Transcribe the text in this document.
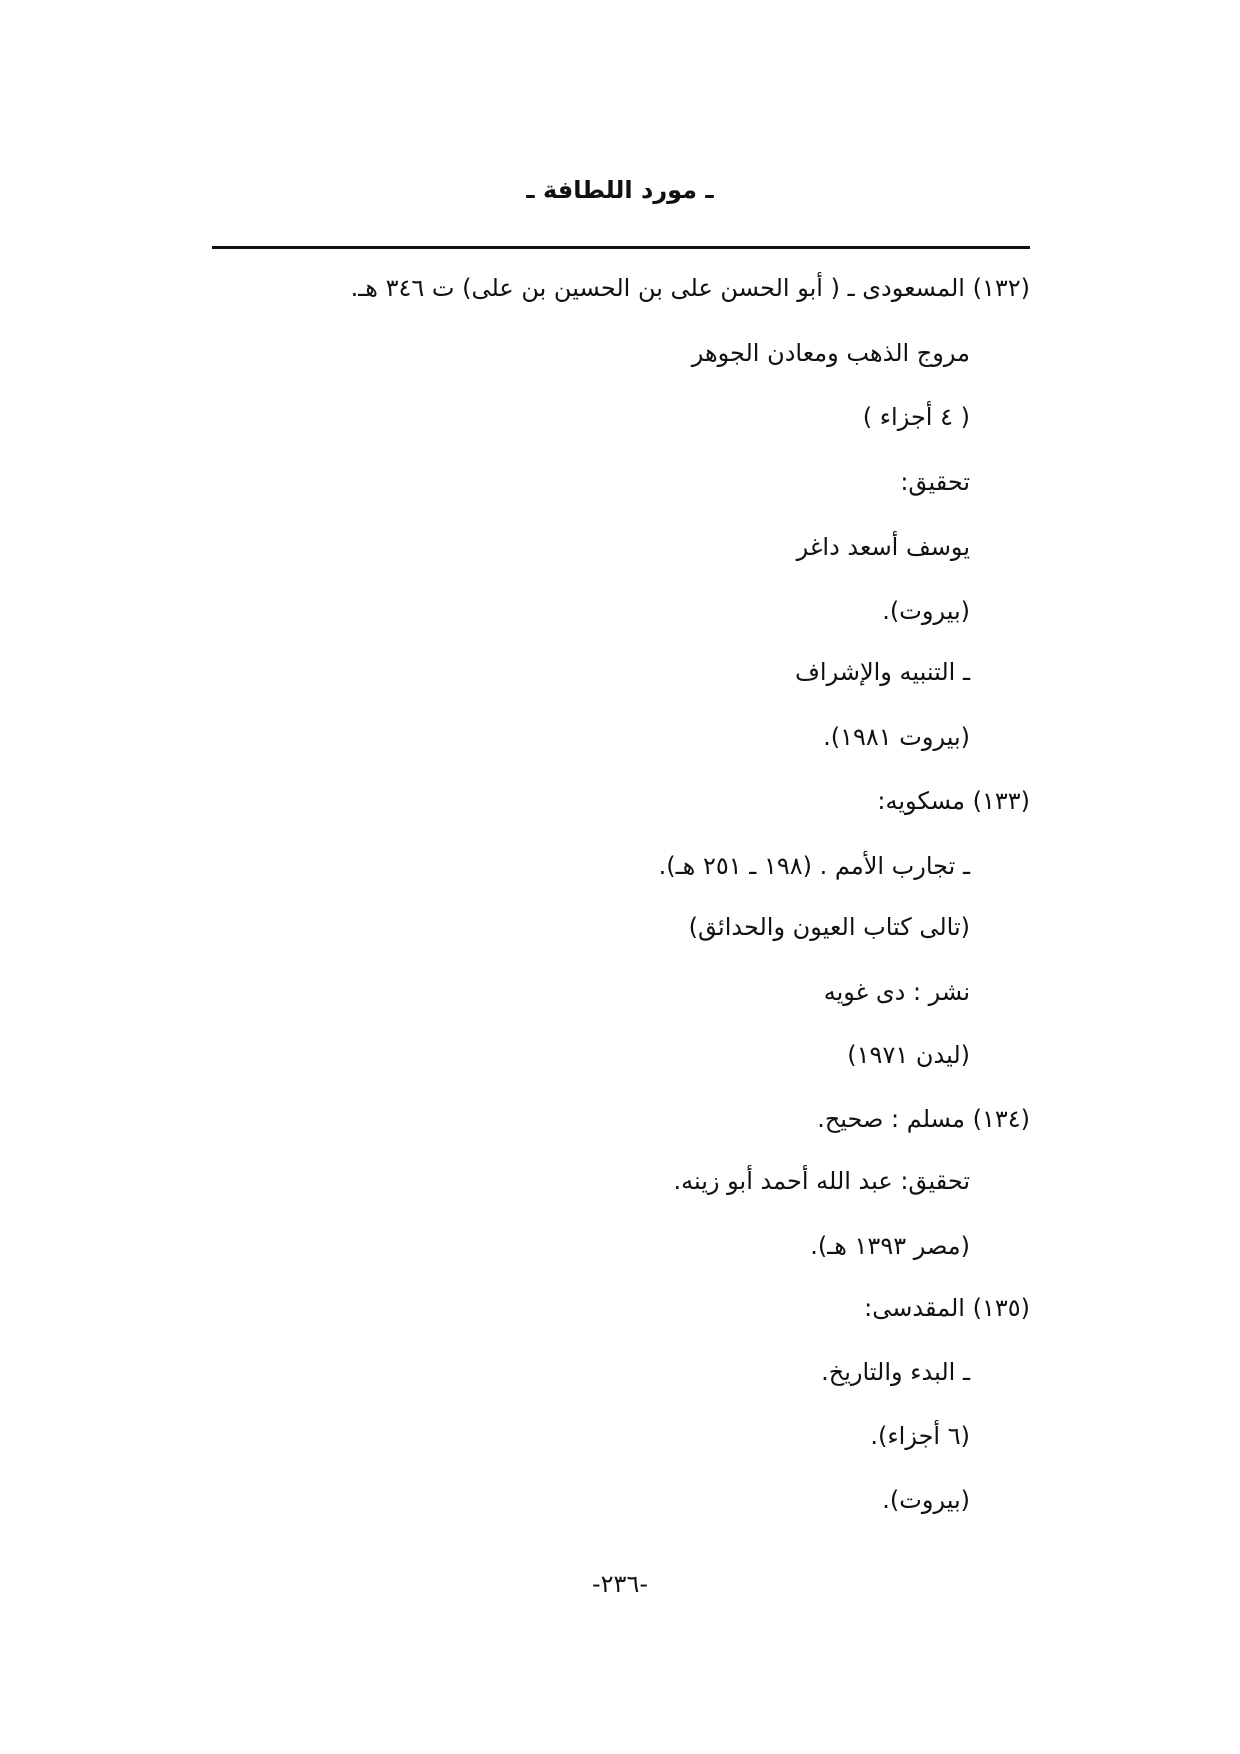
ـ مورد اللطافة ـ
(١٣٢) المسعودى ـ ( أبو الحسن على بن الحسين بن على) ت ٣٤٦ هـ.
مروج الذهب ومعادن الجوهر
( ٤ أجزاء )
تحقيق:
يوسف أسعد داغر
(بيروت).
ـ التنبيه والإشراف
(بيروت ١٩٨١).
(١٣٣) مسكويه:
ـ تجارب الأمم . (١٩٨ ـ ٢٥١ هـ).
(تالى كتاب العيون والحدائق)
نشر : دى غويه
(ليدن ١٩٧١)
(١٣٤) مسلم : صحيح.
تحقيق: عبد الله أحمد أبو زينه.
(مصر ١٣٩٣ هـ).
(١٣٥) المقدسى:
ـ البدء والتاريخ.
(٦ أجزاء).
(بيروت).
-٢٣٦-
